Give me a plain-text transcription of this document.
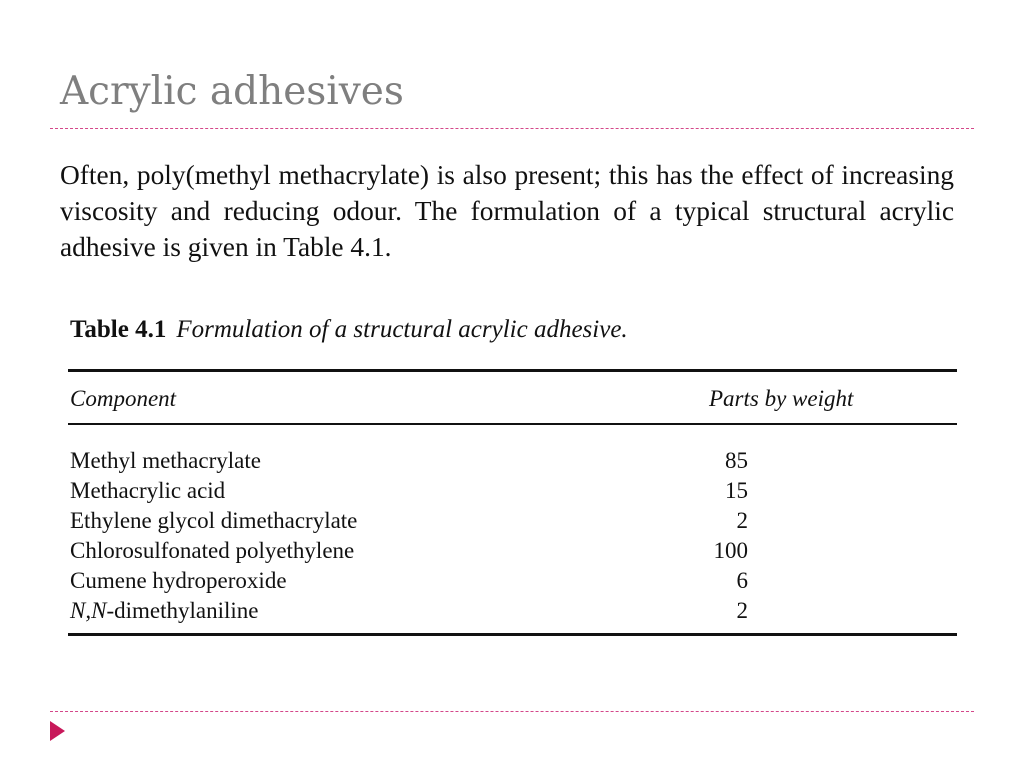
Acrylic adhesives
Often, poly(methyl methacrylate) is also present; this has the effect of increasing viscosity and reducing odour. The formulation of a typical structural acrylic adhesive is given in Table 4.1.
Table 4.1 Formulation of a structural acrylic adhesive.
Component	Parts by weight
Methyl methacrylate	85
Methacrylic acid	15
Ethylene glycol dimethacrylate	2
Chlorosulfonated polyethylene	100
Cumene hydroperoxide	6
N,N-dimethylaniline	2
